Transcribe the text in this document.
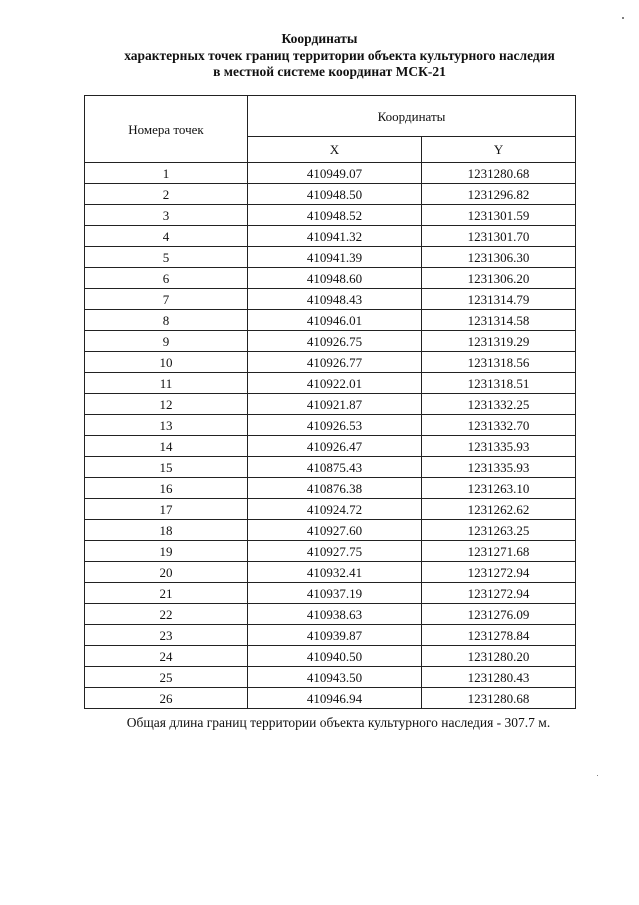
Координаты
характерных точек границ территории объекта культурного наследия
в местной системе координат МСК-21
Номера точек	Координаты	
	X	Y
1	410949.07	1231280.68
2	410948.50	1231296.82
3	410948.52	1231301.59
4	410941.32	1231301.70
5	410941.39	1231306.30
6	410948.60	1231306.20
7	410948.43	1231314.79
8	410946.01	1231314.58
9	410926.75	1231319.29
10	410926.77	1231318.56
11	410922.01	1231318.51
12	410921.87	1231332.25
13	410926.53	1231332.70
14	410926.47	1231335.93
15	410875.43	1231335.93
16	410876.38	1231263.10
17	410924.72	1231262.62
18	410927.60	1231263.25
19	410927.75	1231271.68
20	410932.41	1231272.94
21	410937.19	1231272.94
22	410938.63	1231276.09
23	410939.87	1231278.84
24	410940.50	1231280.20
25	410943.50	1231280.43
26	410946.94	1231280.68
Общая длина границ территории объекта культурного наследия - 307.7 м.
